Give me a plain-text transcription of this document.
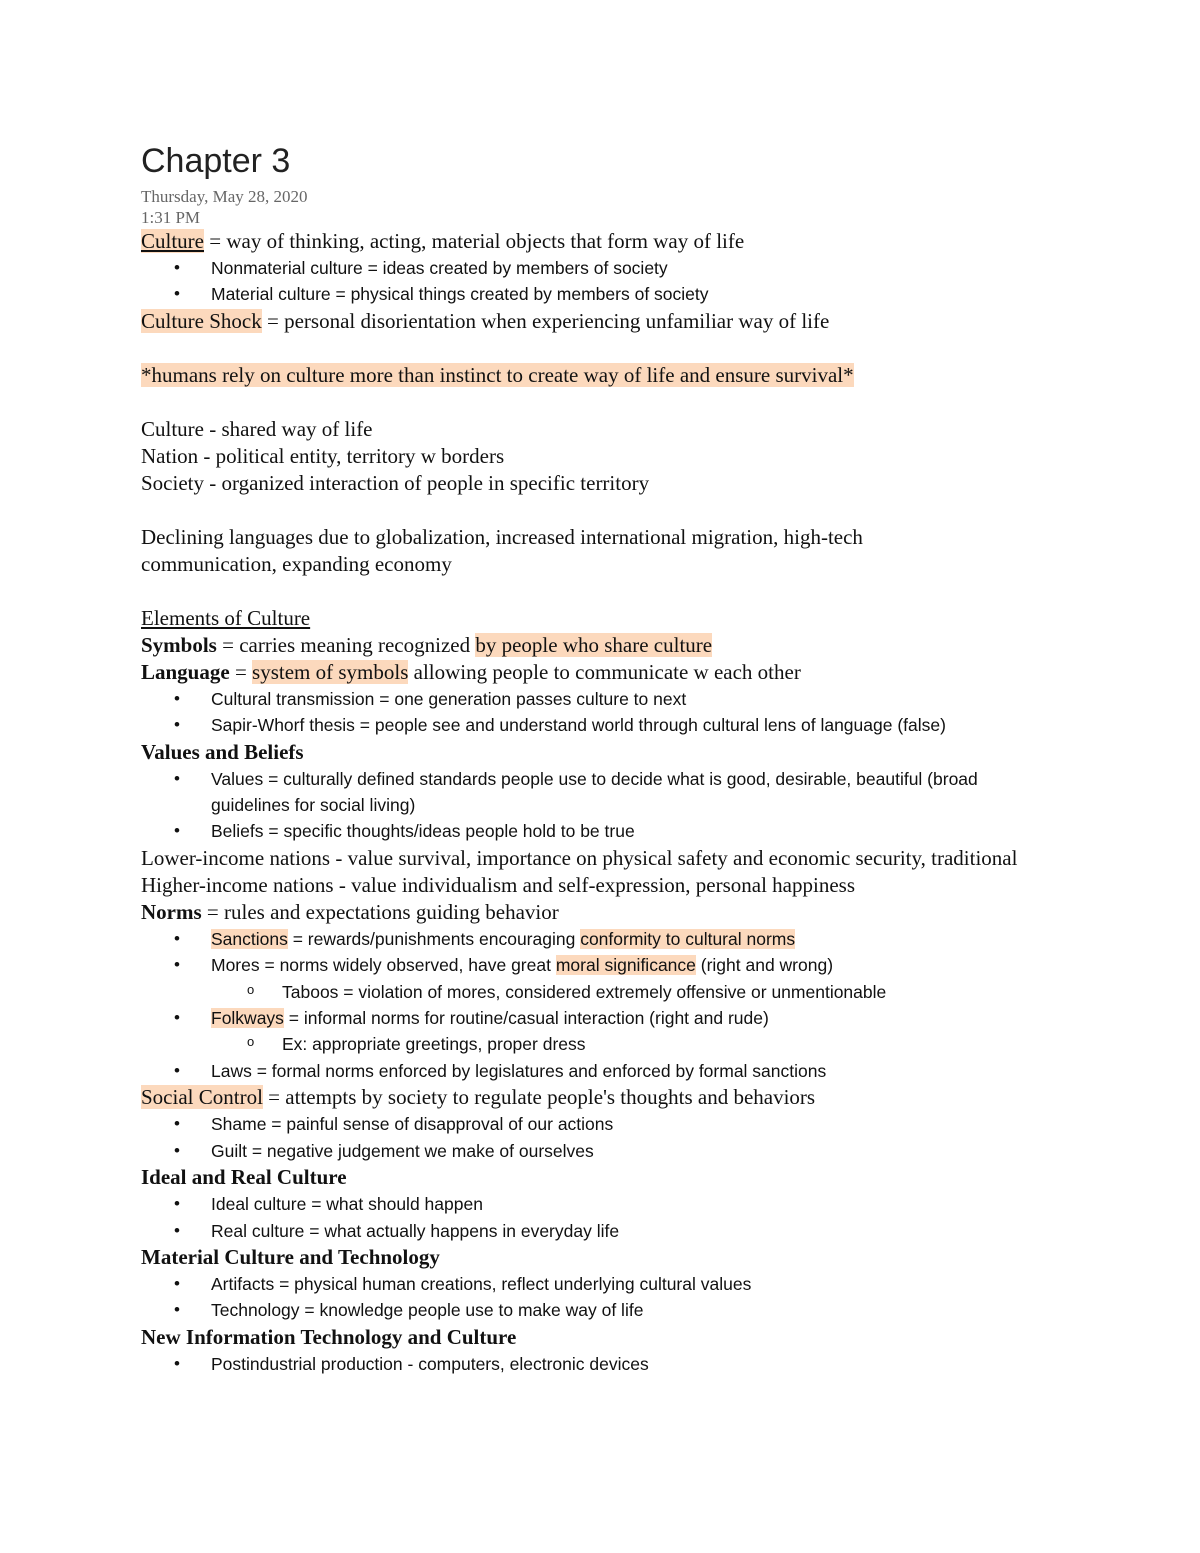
Chapter 3
Thursday, May 28, 2020
1:31 PM
Culture = way of thinking, acting, material objects that form way of life
• Nonmaterial culture = ideas created by members of society
• Material culture = physical things created by members of society
Culture Shock = personal disorientation when experiencing unfamiliar way of life
*humans rely on culture more than instinct to create way of life and ensure survival*
Culture - shared way of life
Nation - political entity, territory w borders
Society - organized interaction of people in specific territory
Declining languages due to globalization, increased international migration, high-tech communication, expanding economy
Elements of Culture
Symbols = carries meaning recognized by people who share culture
Language = system of symbols allowing people to communicate w each other
• Cultural transmission = one generation passes culture to next
• Sapir-Whorf thesis = people see and understand world through cultural lens of language (false)
Values and Beliefs
• Values = culturally defined standards people use to decide what is good, desirable, beautiful (broad guidelines for social living)
• Beliefs = specific thoughts/ideas people hold to be true
Lower-income nations - value survival, importance on physical safety and economic security, traditional
Higher-income nations - value individualism and self-expression, personal happiness
Norms = rules and expectations guiding behavior
• Sanctions = rewards/punishments encouraging conformity to cultural norms
• Mores = norms widely observed, have great moral significance (right and wrong)
o Taboos = violation of mores, considered extremely offensive or unmentionable
• Folkways = informal norms for routine/casual interaction (right and rude)
o Ex: appropriate greetings, proper dress
• Laws = formal norms enforced by legislatures and enforced by formal sanctions
Social Control = attempts by society to regulate people's thoughts and behaviors
• Shame = painful sense of disapproval of our actions
• Guilt = negative judgement we make of ourselves
Ideal and Real Culture
• Ideal culture = what should happen
• Real culture = what actually happens in everyday life
Material Culture and Technology
• Artifacts = physical human creations, reflect underlying cultural values
• Technology = knowledge people use to make way of life
New Information Technology and Culture
• Postindustrial production - computers, electronic devices
